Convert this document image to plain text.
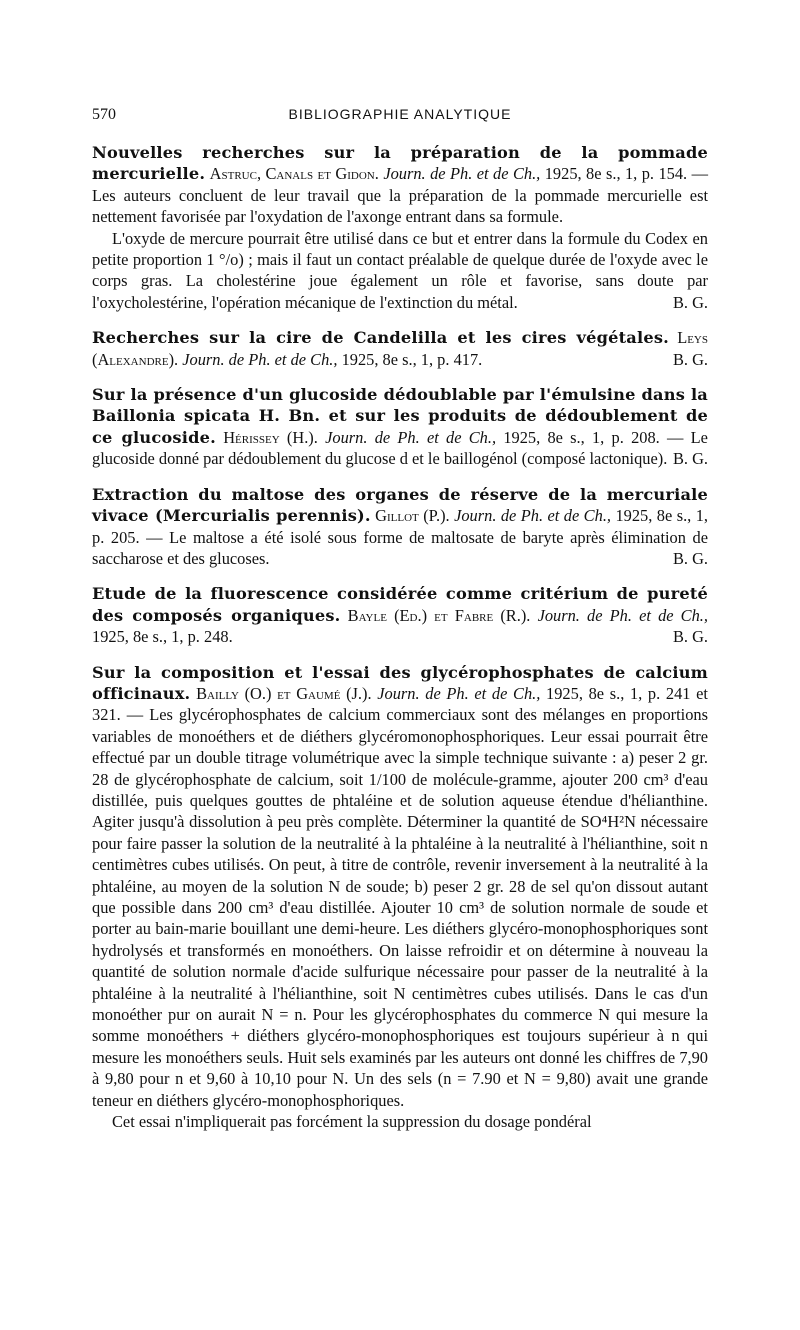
570	BIBLIOGRAPHIE ANALYTIQUE

Nouvelles recherches sur la préparation de la pommade mercurielle. Astruc, Canals et Gidon. Journ. de Ph. et de Ch., 1925, 8e s., 1, p. 154. — Les auteurs concluent de leur travail que la préparation de la pommade mercurielle est nettement favorisée par l'oxydation de l'axonge entrant dans sa formule.

L'oxyde de mercure pourrait être utilisé dans ce but et entrer dans la formule du Codex en petite proportion 1 °/o) ; mais il faut un contact préalable de quelque durée de l'oxyde avec le corps gras. La cholestérine joue également un rôle et favorise, sans doute par l'oxycholestérine, l'opération mécanique de l'extinction du métal.	B. G.

Recherches sur la cire de Candelilla et les cires végétales. Leys (Alexandre). Journ. de Ph. et de Ch., 1925, 8e s., 1, p. 417.	B. G.

Sur la présence d'un glucoside dédoublable par l'émulsine dans la Baillonia spicata H. Bn. et sur les produits de dédoublement de ce glucoside. Hérissey (H.). Journ. de Ph. et de Ch., 1925, 8e s., 1, p. 208. — Le glucoside donné par dédoublement du glucose d et le baillogénol (composé lactonique). B. G.

Extraction du maltose des organes de réserve de la mercuriale vivace (Mercurialis perennis). Gillot (P.). Journ. de Ph. et de Ch., 1925, 8e s., 1, p. 205. — Le maltose a été isolé sous forme de maltosate de baryte après élimination de saccharose et des glucoses.	B. G.

Etude de la fluorescence considérée comme critérium de pureté des composés organiques. Bayle (Ed.) et Fabre (R.). Journ. de Ph. et de Ch., 1925, 8e s., 1, p. 248.	B. G.

Sur la composition et l'essai des glycérophosphates de calcium officinaux. Bailly (O.) et Gaumé (J.). Journ. de Ph. et de Ch., 1925, 8e s., 1, p. 241 et 321. — Les glycérophosphates de calcium commerciaux sont des mélanges en proportions variables de monoéthers et de diéthers glycéromonophosphoriques. Leur essai pourrait être effectué par un double titrage volumétrique avec la simple technique suivante : a) peser 2 gr. 28 de glycérophosphate de calcium, soit 1/100 de molécule-gramme, ajouter 200 cm³ d'eau distillée, puis quelques gouttes de phtaléine et de solution aqueuse étendue d'hélianthine. Agiter jusqu'à dissolution à peu près complète. Déterminer la quantité de SO⁴H²N nécessaire pour faire passer la solution de la neutralité à la phtaléine à la neutralité à l'hélianthine, soit n centimètres cubes utilisés. On peut, à titre de contrôle, revenir inversement à la neutralité à la phtaléine, au moyen de la solution N de soude; b) peser 2 gr. 28 de sel qu'on dissout autant que possible dans 200 cm³ d'eau distillée. Ajouter 10 cm³ de solution normale de soude et porter au bain-marie bouillant une demi-heure. Les diéthers glycéro-monophosphoriques sont hydrolysés et transformés en monoéthers. On laisse refroidir et on détermine à nouveau la quantité de solution normale d'acide sulfurique nécessaire pour passer de la neutralité à la phtaléine à la neutralité à l'hélianthine, soit N centimètres cubes utilisés. Dans le cas d'un monoéther pur on aurait N = n. Pour les glycérophosphates du commerce N qui mesure la somme monoéthers + diéthers glycéro-monophosphoriques est toujours supérieur à n qui mesure les monoéthers seuls. Huit sels examinés par les auteurs ont donné les chiffres de 7,90 à 9,80 pour n et 9,60 à 10,10 pour N. Un des sels (n = 7.90 et N = 9,80) avait une grande teneur en diéthers glycéro-monophosphoriques.

Cet essai n'impliquerait pas forcément la suppression du dosage pondéral
